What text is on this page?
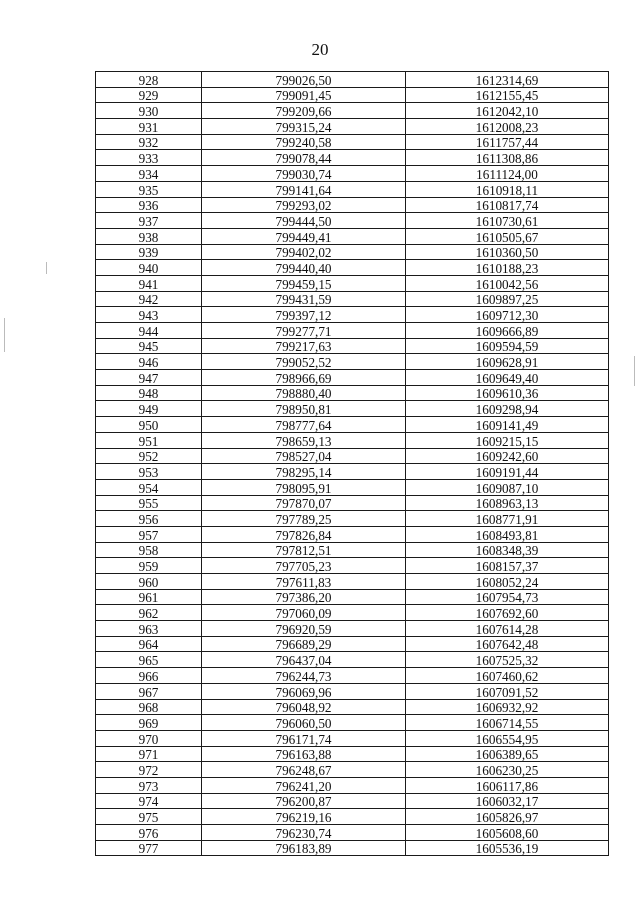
20
928	799026,50	1612314,69
929	799091,45	1612155,45
930	799209,66	1612042,10
931	799315,24	1612008,23
932	799240,58	1611757,44
933	799078,44	1611308,86
934	799030,74	1611124,00
935	799141,64	1610918,11
936	799293,02	1610817,74
937	799444,50	1610730,61
938	799449,41	1610505,67
939	799402,02	1610360,50
940	799440,40	1610188,23
941	799459,15	1610042,56
942	799431,59	1609897,25
943	799397,12	1609712,30
944	799277,71	1609666,89
945	799217,63	1609594,59
946	799052,52	1609628,91
947	798966,69	1609649,40
948	798880,40	1609610,36
949	798950,81	1609298,94
950	798777,64	1609141,49
951	798659,13	1609215,15
952	798527,04	1609242,60
953	798295,14	1609191,44
954	798095,91	1609087,10
955	797870,07	1608963,13
956	797789,25	1608771,91
957	797826,84	1608493,81
958	797812,51	1608348,39
959	797705,23	1608157,37
960	797611,83	1608052,24
961	797386,20	1607954,73
962	797060,09	1607692,60
963	796920,59	1607614,28
964	796689,29	1607642,48
965	796437,04	1607525,32
966	796244,73	1607460,62
967	796069,96	1607091,52
968	796048,92	1606932,92
969	796060,50	1606714,55
970	796171,74	1606554,95
971	796163,88	1606389,65
972	796248,67	1606230,25
973	796241,20	1606117,86
974	796200,87	1606032,17
975	796219,16	1605826,97
976	796230,74	1605608,60
977	796183,89	1605536,19
